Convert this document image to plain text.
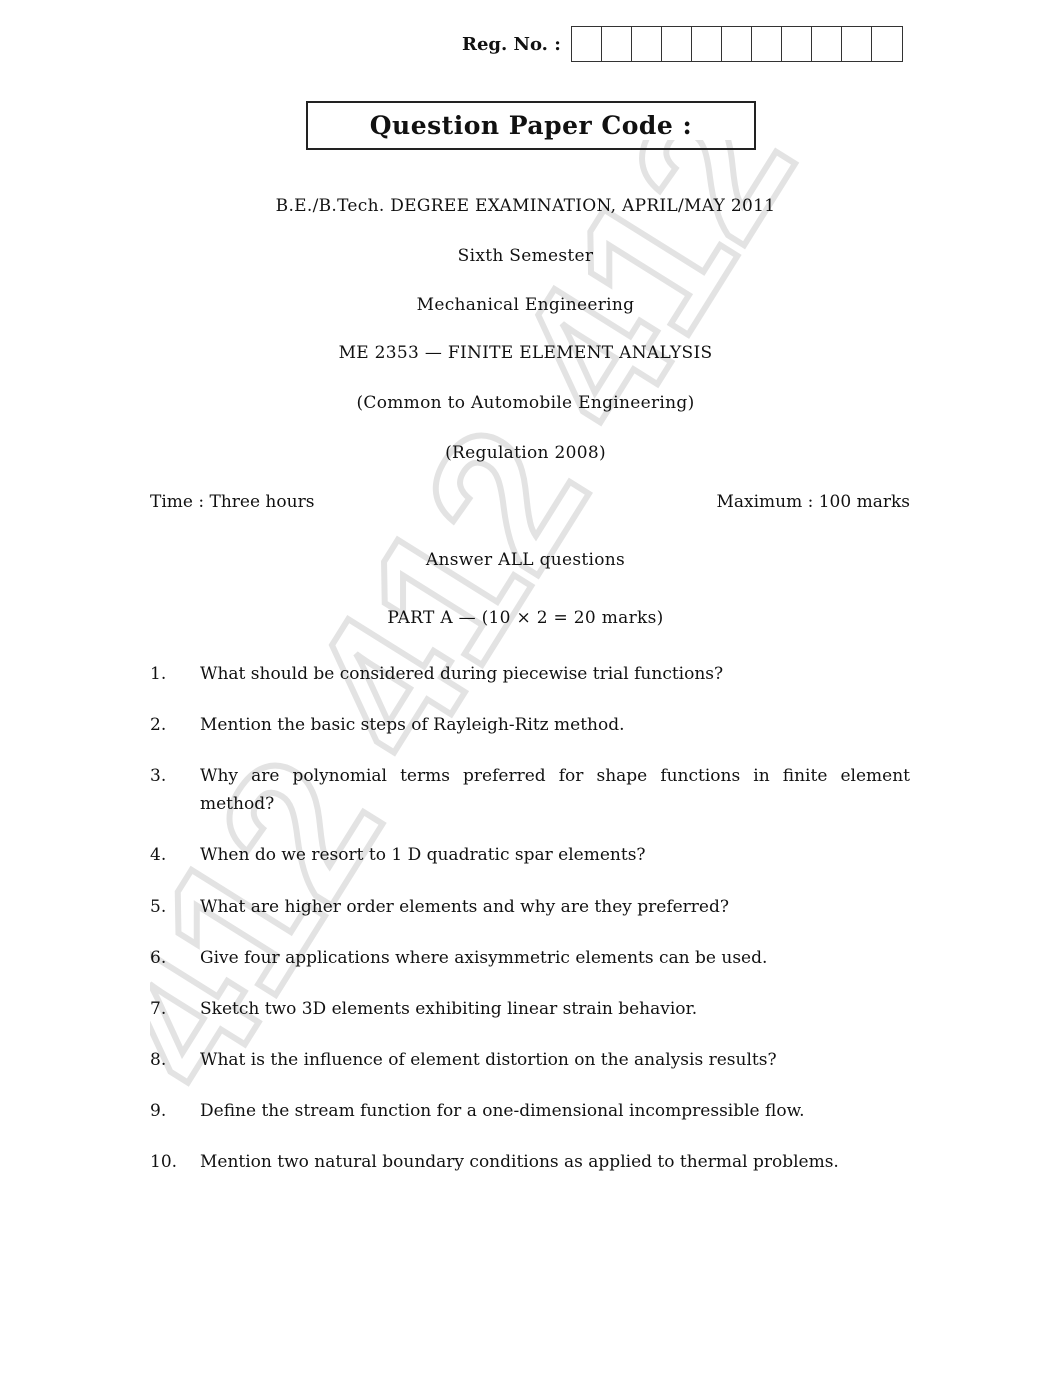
412 412 412
Reg. No. :
Question Paper Code :
B.E./B.Tech. DEGREE EXAMINATION, APRIL/MAY 2011
Sixth Semester
Mechanical Engineering
ME 2353 — FINITE ELEMENT ANALYSIS
(Common to Automobile Engineering)
(Regulation 2008)
Time : Three hours	Maximum : 100 marks
Answer ALL questions
PART A — (10 × 2 = 20 marks)
1.	What should be considered during piecewise trial functions?
2.	Mention the basic steps of Rayleigh-Ritz method.
3.	Why are polynomial terms preferred for shape functions in finite element method?
4.	When do we resort to 1 D quadratic spar elements?
5.	What are higher order elements and why are they preferred?
6.	Give four applications where axisymmetric elements can be used.
7.	Sketch two 3D elements exhibiting linear strain behavior.
8.	What is the influence of element distortion on the analysis results?
9.	Define the stream function for a one-dimensional incompressible flow.
10.	Mention two natural boundary conditions as applied to thermal problems.
